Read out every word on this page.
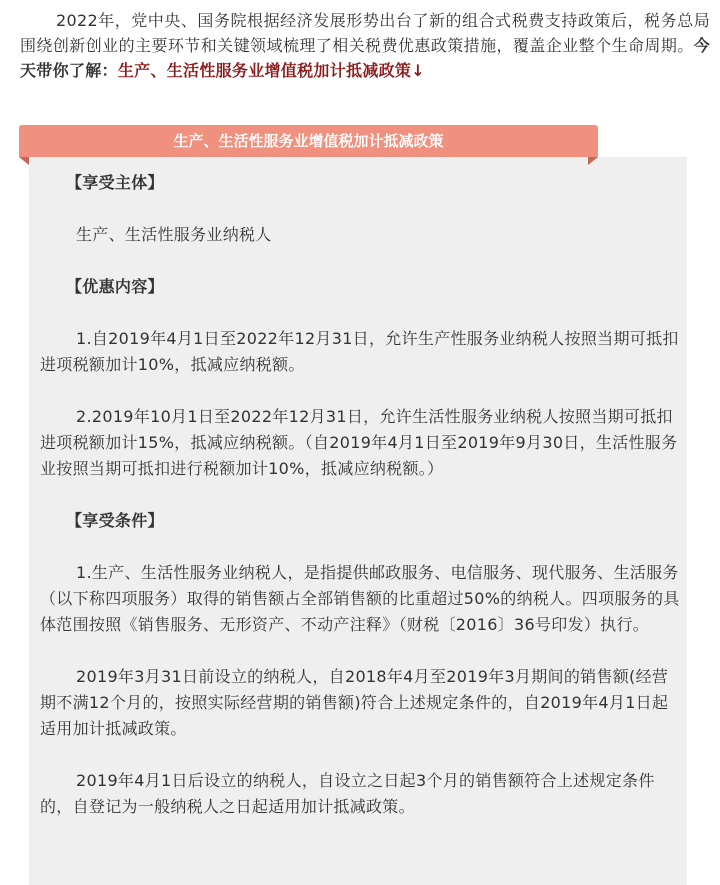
2022年，党中央、国务院根据经济发展形势出台了新的组合式税费支持政策后，税务总局围绕创新创业的主要环节和关键领域梳理了相关税费优惠政策措施，覆盖企业整个生命周期。今天带你了解：生产、生活性服务业增值税加计抵减政策↓
生产、生活性服务业增值税加计抵减政策

【享受主体】

生产、生活性服务业纳税人

【优惠内容】

1.自2019年4月1日至2022年12月31日，允许生产性服务业纳税人按照当期可抵扣进项税额加计10%，抵减应纳税额。

2.2019年10月1日至2022年12月31日，允许生活性服务业纳税人按照当期可抵扣进项税额加计15%，抵减应纳税额。（自2019年4月1日至2019年9月30日，生活性服务业按照当期可抵扣进行税额加计10%，抵减应纳税额。）

【享受条件】

1.生产、生活性服务业纳税人，是指提供邮政服务、电信服务、现代服务、生活服务（以下称四项服务）取得的销售额占全部销售额的比重超过50%的纳税人。四项服务的具体范围按照《销售服务、无形资产、不动产注释》（财税〔2016〕36号印发）执行。

2019年3月31日前设立的纳税人，自2018年4月至2019年3月期间的销售额(经营期不满12个月的，按照实际经营期的销售额)符合上述规定条件的，自2019年4月1日起适用加计抵减政策。

2019年4月1日后设立的纳税人，自设立之日起3个月的销售额符合上述规定条件的，自登记为一般纳税人之日起适用加计抵减政策。
